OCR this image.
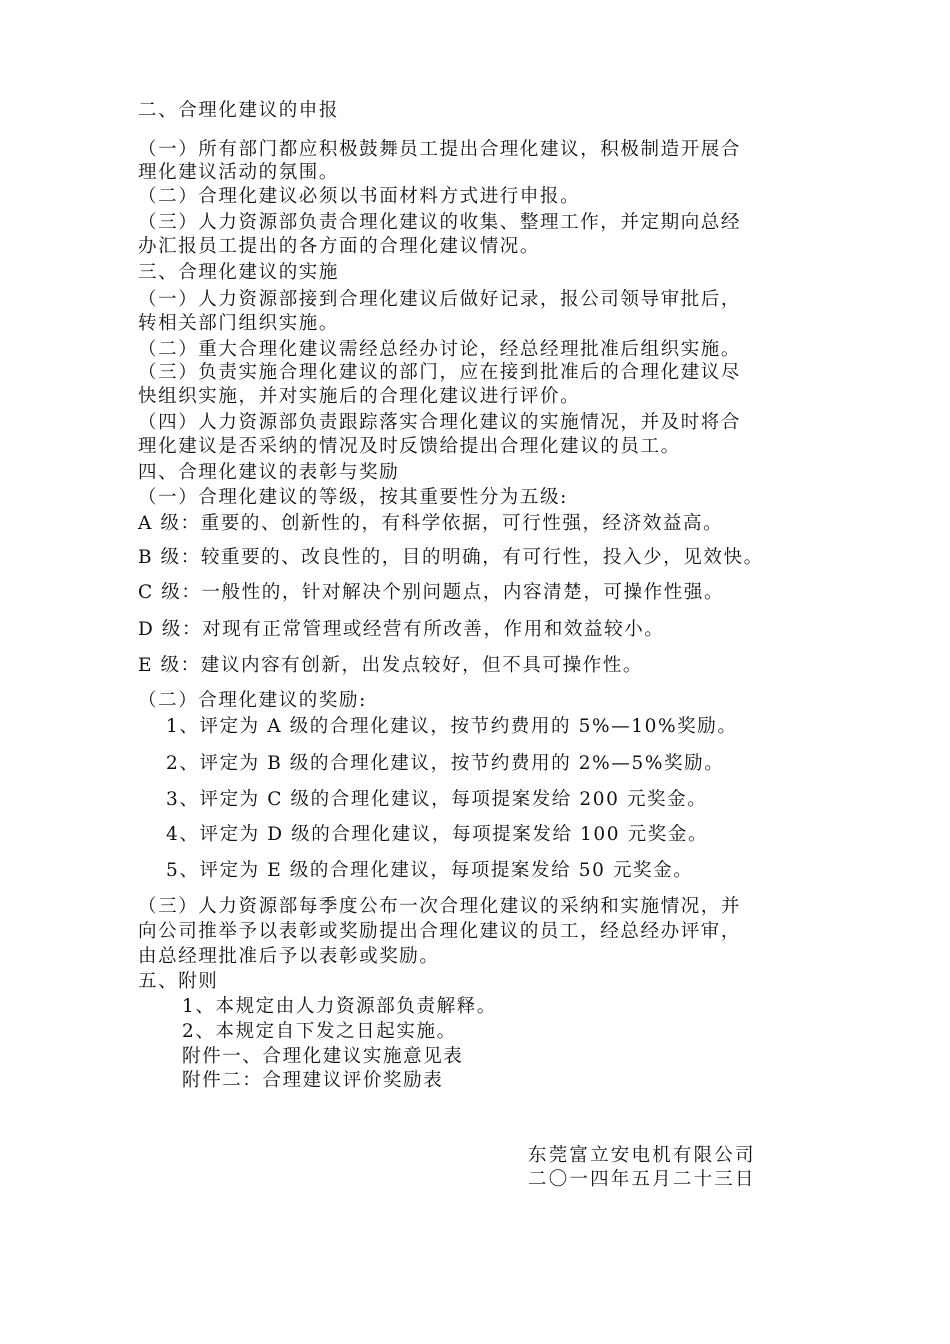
二、合理化建议的申报
（一）所有部门都应积极鼓舞员工提出合理化建议，积极制造开展合
理化建议活动的氛围。
（二）合理化建议必须以书面材料方式进行申报。
（三）人力资源部负责合理化建议的收集、整理工作，并定期向总经
办汇报员工提出的各方面的合理化建议情况。
三、合理化建议的实施
（一）人力资源部接到合理化建议后做好记录，报公司领导审批后，
转相关部门组织实施。
（二）重大合理化建议需经总经办讨论，经总经理批准后组织实施。
（三）负责实施合理化建议的部门，应在接到批准后的合理化建议尽
快组织实施，并对实施后的合理化建议进行评价。
（四）人力资源部负责跟踪落实合理化建议的实施情况，并及时将合
理化建议是否采纳的情况及时反馈给提出合理化建议的员工。
四、合理化建议的表彰与奖励
（一）合理化建议的等级，按其重要性分为五级:
A 级：重要的、创新性的，有科学依据，可行性强，经济效益高。
B 级：较重要的、改良性的，目的明确，有可行性，投入少，见效快。
C 级：一般性的，针对解决个别问题点，内容清楚，可操作性强。
D 级：对现有正常管理或经营有所改善，作用和效益较小。
E 级：建议内容有创新，出发点较好，但不具可操作性。
（二）合理化建议的奖励:
1、评定为 A 级的合理化建议，按节约费用的 5%—10%奖励。
2、评定为 B 级的合理化建议，按节约费用的 2%—5%奖励。
3、评定为 C 级的合理化建议，每项提案发给 200 元奖金。
4、评定为 D 级的合理化建议，每项提案发给 100 元奖金。
5、评定为 E 级的合理化建议，每项提案发给 50 元奖金。
（三）人力资源部每季度公布一次合理化建议的采纳和实施情况，并
向公司推举予以表彰或奖励提出合理化建议的员工，经总经办评审，
由总经理批准后予以表彰或奖励。
五、附则
1、本规定由人力资源部负责解释。
2、本规定自下发之日起实施。
附件一、合理化建议实施意见表
附件二：合理建议评价奖励表
东莞富立安电机有限公司
二〇一四年五月二十三日
